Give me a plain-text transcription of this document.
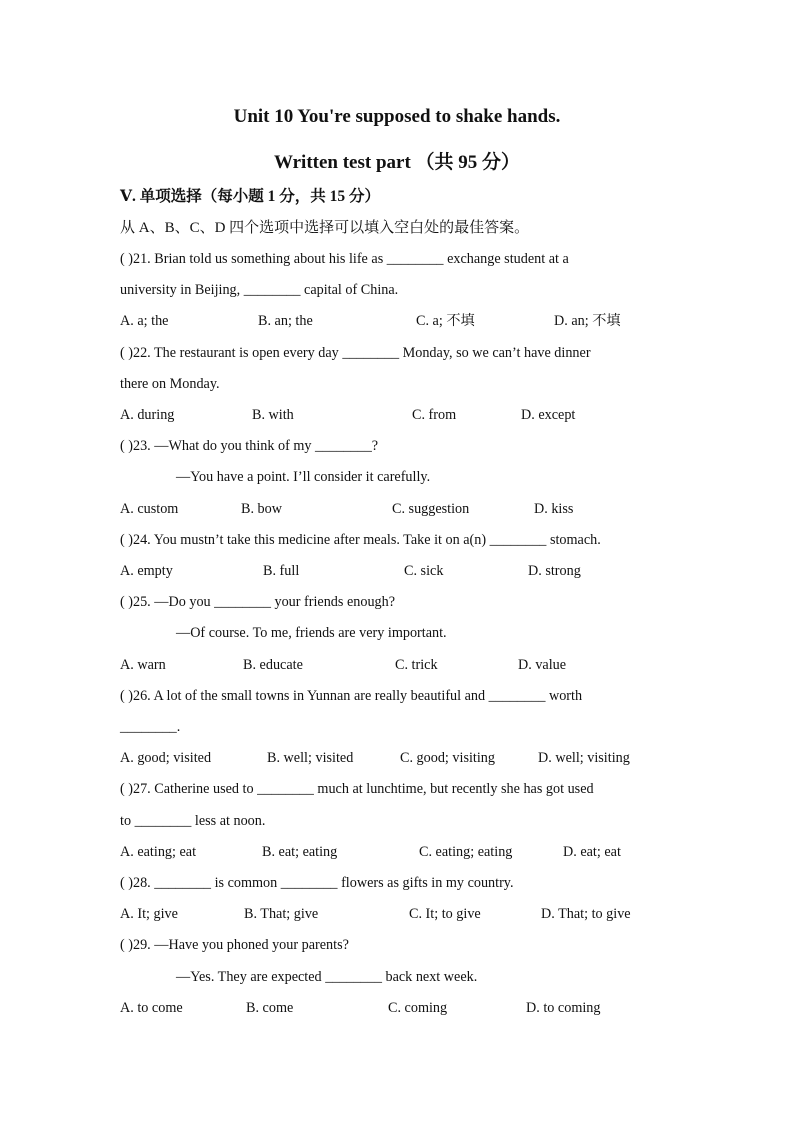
Unit 10 You're supposed to shake hands.
Written test part （共 95 分）

Ⅴ. 单项选择（每小题 1 分，共 15 分）

从 A、B、C、D 四个选项中选择可以填入空白处的最佳答案。

( )21. Brian told us something about his life as ________ exchange student at a
university in Beijing, ________ capital of China.
A. a; the	B. an; the	C. a; 不填	D. an; 不填
( )22. The restaurant is open every day ________ Monday, so we can’t have dinner
there on Monday.
A. during	B. with	C. from	D. except
( )23. —What do you think of my ________?
—You have a point. I’ll consider it carefully.
A. custom	B. bow	C. suggestion	D. kiss
( )24. You mustn’t take this medicine after meals. Take it on a(n) ________ stomach.
A. empty	B. full	C. sick	D. strong
( )25. —Do you ________ your friends enough?
—Of course. To me, friends are very important.
A. warn	B. educate	C. trick	D. value
( )26. A lot of the small towns in Yunnan are really beautiful and ________ worth
________.
A. good; visited	B. well; visited	C. good; visiting	D. well; visiting
( )27. Catherine used to ________ much at lunchtime, but recently she has got used
to ________ less at noon.
A. eating; eat	B. eat; eating	C. eating; eating	D. eat; eat
( )28. ________ is common ________ flowers as gifts in my country.
A. It; give	B. That; give	C. It; to give	D. That; to give
( )29. —Have you phoned your parents?
—Yes. They are expected ________ back next week.
A. to come	B. come	C. coming	D. to coming
